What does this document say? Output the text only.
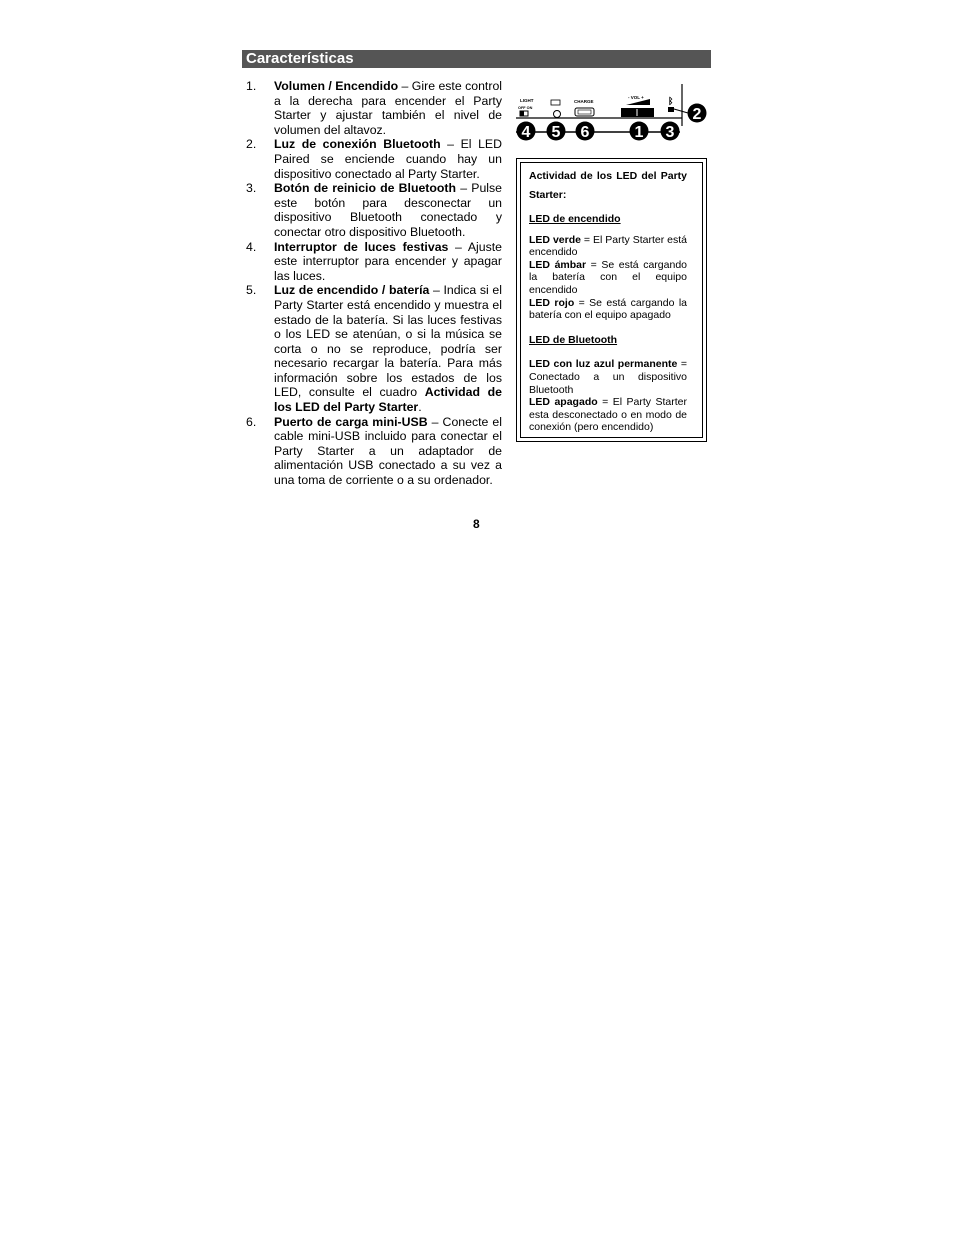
Características
1. Volumen / Encendido – Gire este control a la derecha para encender el Party Starter y ajustar también el nivel de volumen del altavoz.
2. Luz de conexión Bluetooth – El LED Paired se enciende cuando hay un dispositivo conectado al Party Starter.
3. Botón de reinicio de Bluetooth – Pulse este botón para desconectar un dispositivo Bluetooth conectado y conectar otro dispositivo Bluetooth.
4. Interruptor de luces festivas – Ajuste este interruptor para encender y apagar las luces.
5. Luz de encendido / batería – Indica si el Party Starter está encendido y muestra el estado de la batería. Si las luces festivas o los LED se atenúan, o si la música se corta o no se reproduce, podría ser necesario recargar la batería. Para más información sobre los estados de los LED, consulte el cuadro Actividad de los LED del Party Starter.
6. Puerto de carga mini-USB – Conecte el cable mini-USB incluido para conectar el Party Starter a un adaptador de alimentación USB conectado a su vez a una toma de corriente o a su ordenador.
LIGHT
OFF ON
CHARGE
- VOL +	ᛒ
4 5 6	1 3
2

Actividad de los LED del Party Starter:

LED de encendido

LED verde = El Party Starter está encendido

LED ámbar = Se está cargando la batería con el equipo encendido

LED rojo = Se está cargando la batería con el equipo apagado

LED de Bluetooth

LED con luz azul permanente = Conectado a un dispositivo Bluetooth

LED apagado = El Party Starter esta desconectado o en modo de conexión (pero encendido)

8
